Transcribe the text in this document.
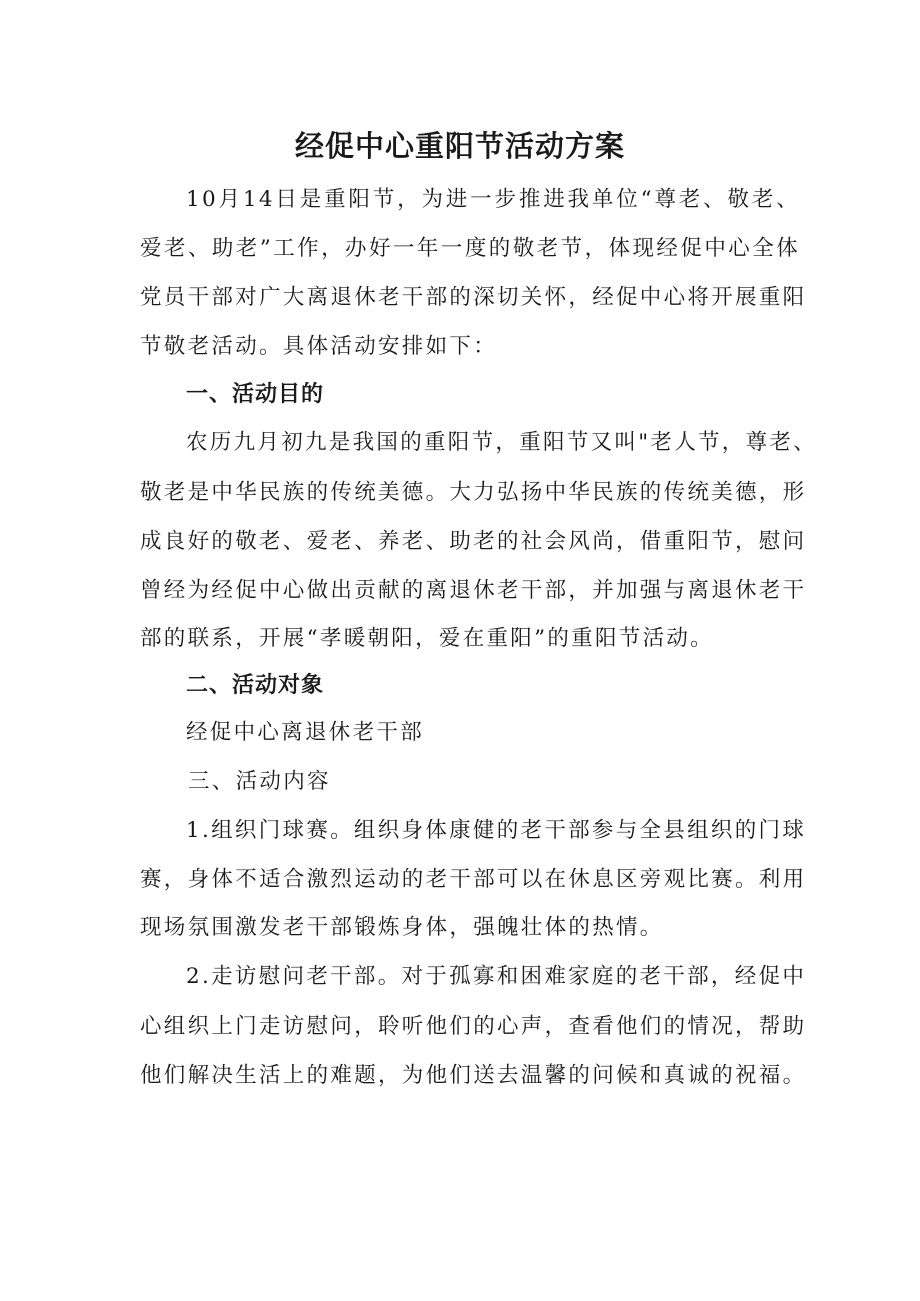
经促中心重阳节活动方案
10月14日是重阳节，为进一步推进我单位“尊老、敬老、
爱老、助老”工作，办好一年一度的敬老节，体现经促中心全体
党员干部对广大离退休老干部的深切关怀，经促中心将开展重阳
节敬老活动。具体活动安排如下：
一、活动目的
农历九月初九是我国的重阳节，重阳节又叫"老人节，尊老、
敬老是中华民族的传统美德。大力弘扬中华民族的传统美德，形
成良好的敬老、爱老、养老、助老的社会风尚，借重阳节，慰问
曾经为经促中心做出贡献的离退休老干部，并加强与离退休老干
部的联系，开展“孝暖朝阳，爱在重阳”的重阳节活动。
二、活动对象
经促中心离退休老干部
三、活动内容
1.组织门球赛。组织身体康健的老干部参与全县组织的门球
赛，身体不适合激烈运动的老干部可以在休息区旁观比赛。利用
现场氛围激发老干部锻炼身体，强魄壮体的热情。
2.走访慰问老干部。对于孤寡和困难家庭的老干部，经促中
心组织上门走访慰问，聆听他们的心声，查看他们的情况，帮助
他们解决生活上的难题，为他们送去温馨的问候和真诚的祝福。
